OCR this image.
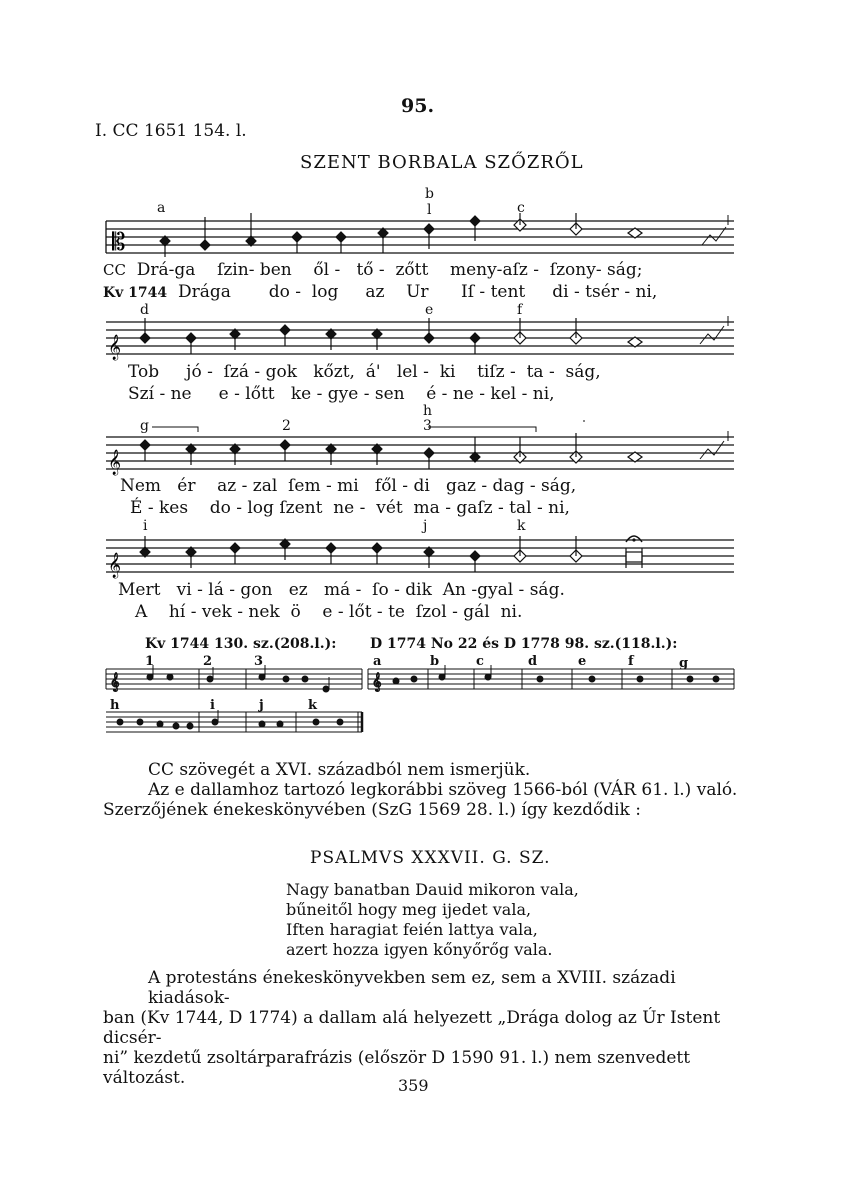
95.
I. CC 1651 154. l.
SZENT BORBALA SZŐZRŐL
a
b
l	c
𝄡
CC Drá-ga ſzin- ben ől - tő - zőtt meny-aſz - ſzony- ság;
Kv 1744 Drága do - log az Ur Iſ - tent di - tsér - ni,
d	e	f
𝄞
Tob jó - ſzá - gok kőzt, á' lel - ki tiſz - ta - ság,
Szí - ne e - lőtt ke - gye - sen é - ne - kel - ni,
g	2
h
3
𝄞
Nem ér az - zal ſem - mi fől - di gaz - dag - ság,
É - kes do - log ſzent ne - vét ma - gaſz - tal - ni,
i	j	k
𝄞
Mert vi - lá - gon ez má - ſo - dik An -gyal - ság.
A hí - vek - nek ö e - lőt - te ſzol - gál ni.
Kv 1744 130. sz.(208.l.): D 1774 No 22 és D 1778 98. sz.(118.l.):
1	2	3	a	b	c	d	e	f	g
𝄞	𝄞
h	i	j	k
CC szövegét a XVI. századból nem ismerjük.
Az e dallamhoz tartozó legkorábbi szöveg 1566-ból (VÁR 61. l.) való.
Szerzőjének énekeskönyvében (SzG 1569 28. l.) így kezdődik :
PSALMVS XXXVII. G. SZ.
Nagy banatban Dauid mikoron vala,
bűneitől hogy meg ijedet vala,
Iften haragiat feién lattya vala,
azert hozza igyen kőnyőrőg vala.
A protestáns énekeskönyvekben sem ez, sem a XVIII. századi kiadások-
ban (Kv 1744, D 1774) a dallam alá helyezett „Drága dolog az Úr Istent dicsér-
ni” kezdetű zsoltárparafrázis (először D 1590 91. l.) nem szenvedett változást.	359
